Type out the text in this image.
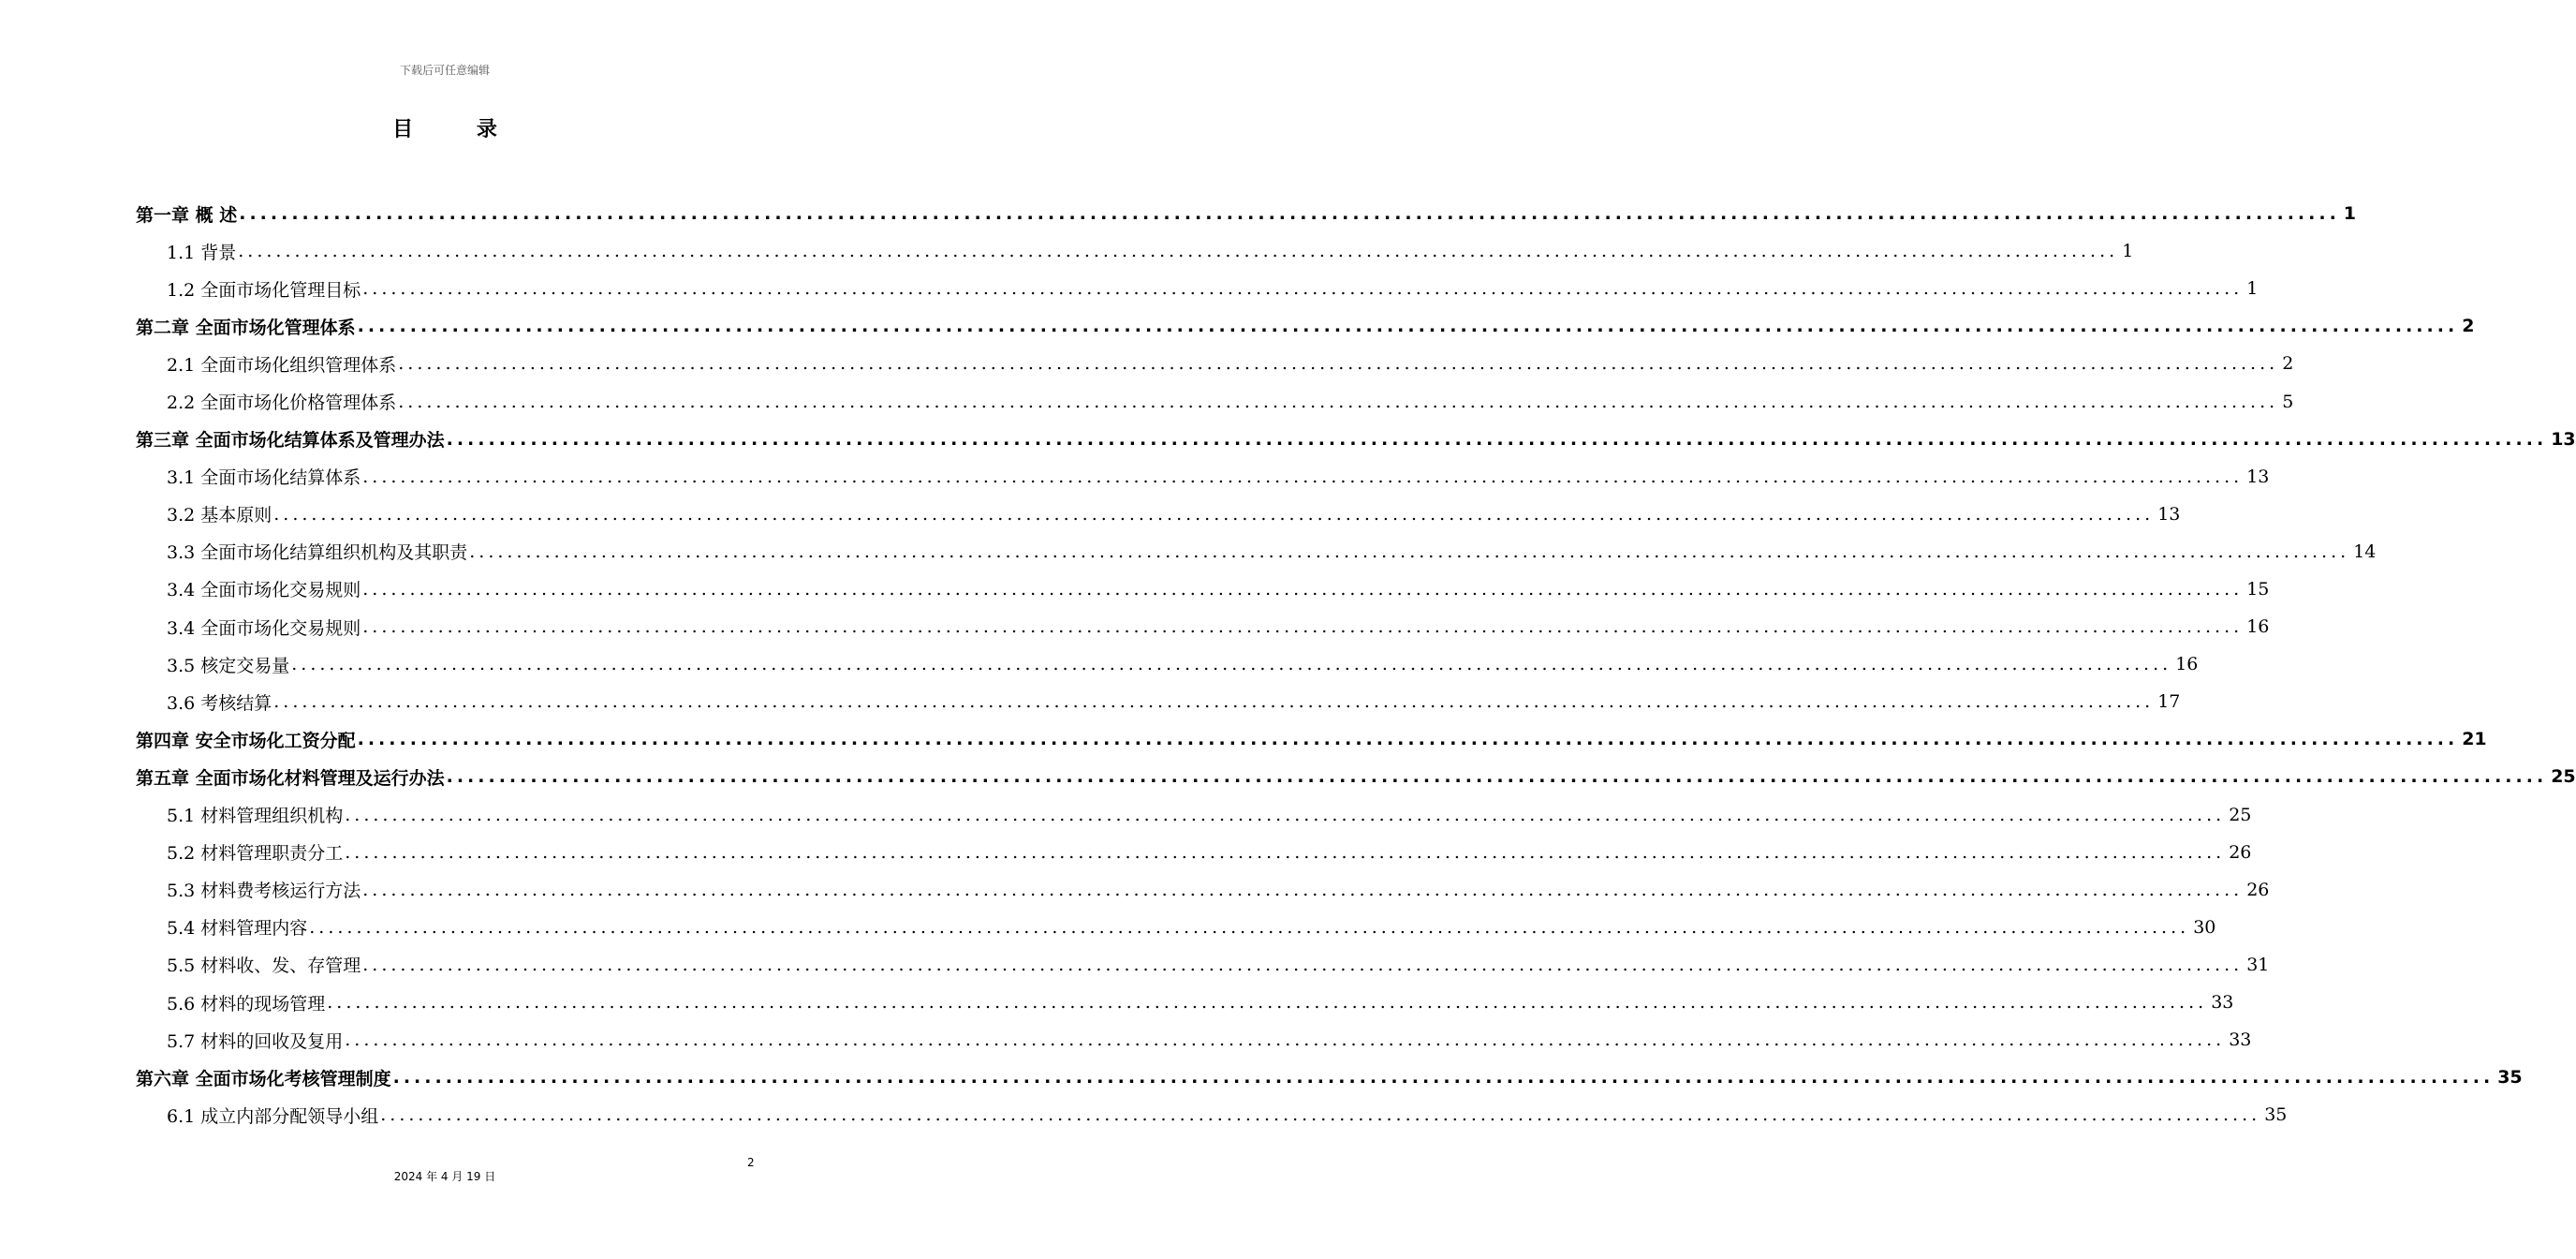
下载后可任意编辑
目 录
第一章 概 述 ........................................................................................................................................................................................................ 1
1.1 背景 ........................................................................................................................................................................................................ 1
1.2 全面市场化管理目标 ........................................................................................................................................................................................................ 1
第二章 全面市场化管理体系 ........................................................................................................................................................................................................ 2
2.1 全面市场化组织管理体系 ........................................................................................................................................................................................................ 2
2.2 全面市场化价格管理体系 ........................................................................................................................................................................................................ 5
第三章 全面市场化结算体系及管理办法 ........................................................................................................................................................................................................ 13
3.1 全面市场化结算体系 ........................................................................................................................................................................................................ 13
3.2 基本原则 ........................................................................................................................................................................................................ 13
3.3 全面市场化结算组织机构及其职责 ........................................................................................................................................................................................................ 14
3.4 全面市场化交易规则 ........................................................................................................................................................................................................ 15
3.4 全面市场化交易规则 ........................................................................................................................................................................................................ 16
3.5 核定交易量 ........................................................................................................................................................................................................ 16
3.6 考核结算 ........................................................................................................................................................................................................ 17
第四章 安全市场化工资分配 ........................................................................................................................................................................................................ 21
第五章 全面市场化材料管理及运行办法 ........................................................................................................................................................................................................ 25
5.1 材料管理组织机构 ........................................................................................................................................................................................................ 25
5.2 材料管理职责分工 ........................................................................................................................................................................................................ 26
5.3 材料费考核运行方法 ........................................................................................................................................................................................................ 26
5.4 材料管理内容 ........................................................................................................................................................................................................ 30
5.5 材料收、发、存管理 ........................................................................................................................................................................................................ 31
5.6 材料的现场管理 ........................................................................................................................................................................................................ 33
5.7 材料的回收及复用 ........................................................................................................................................................................................................ 33
第六章 全面市场化考核管理制度 ........................................................................................................................................................................................................ 35
6.1 成立内部分配领导小组 ........................................................................................................................................................................................................ 35
2
2024 年 4 月 19 日
